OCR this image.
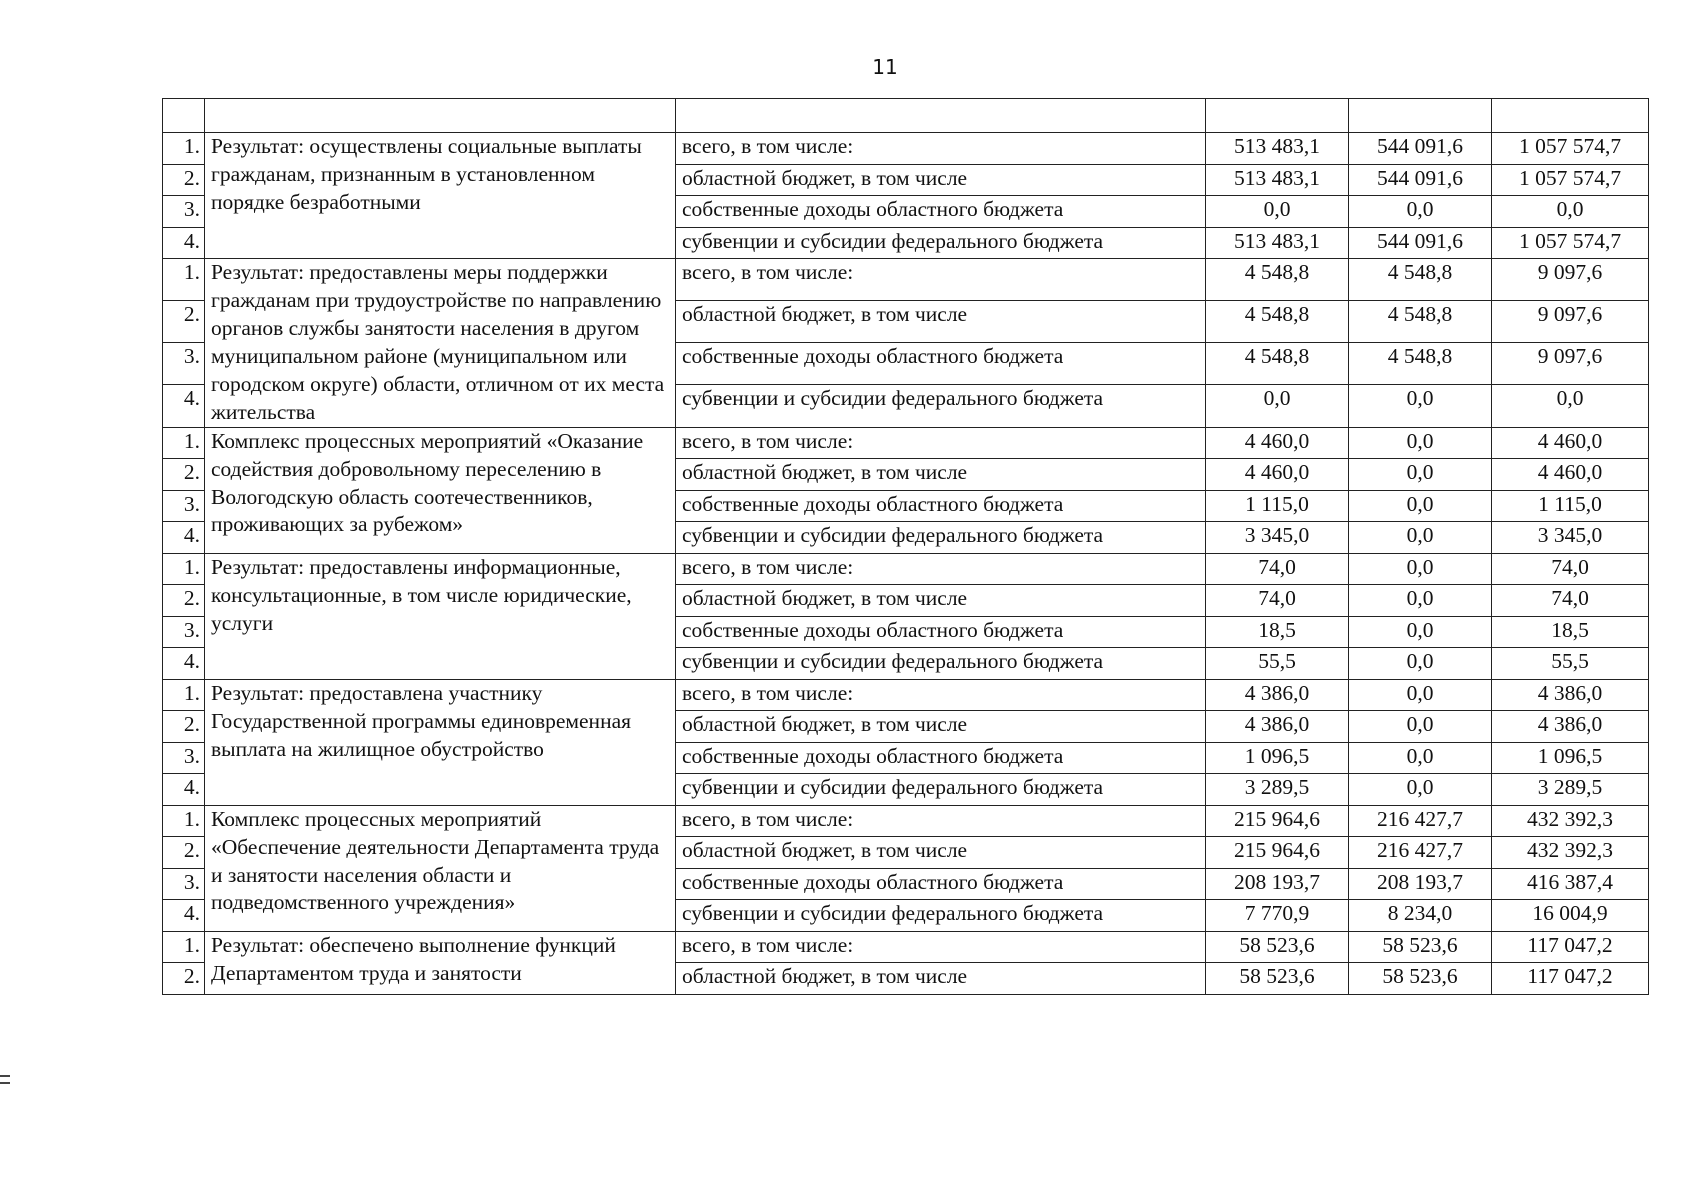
11

1.	Результат: осуществлены социальные выплаты гражданам, признанным в установленном порядке безработными	всего, в том числе:	513 483,1	544 091,6	1 057 574,7
2.		областной бюджет, в том числе	513 483,1	544 091,6	1 057 574,7
3.		собственные доходы областного бюджета	0,0	0,0	0,0
4.		субвенции и субсидии федерального бюджета	513 483,1	544 091,6	1 057 574,7
1.	Результат: предоставлены меры поддержки гражданам при трудоустройстве по направлению органов службы занятости населения в другом муниципальном районе (муниципальном или городском округе) области, отличном от их места жительства	всего, в том числе:	4 548,8	4 548,8	9 097,6
2.		областной бюджет, в том числе	4 548,8	4 548,8	9 097,6
3.		собственные доходы областного бюджета	4 548,8	4 548,8	9 097,6
4.		субвенции и субсидии федерального бюджета	0,0	0,0	0,0
1.	Комплекс процессных мероприятий «Оказание содействия добровольному переселению в Вологодскую область соотечественников, проживающих за рубежом»	всего, в том числе:	4 460,0	0,0	4 460,0
2.		областной бюджет, в том числе	4 460,0	0,0	4 460,0
3.		собственные доходы областного бюджета	1 115,0	0,0	1 115,0
4.		субвенции и субсидии федерального бюджета	3 345,0	0,0	3 345,0
1.	Результат: предоставлены информационные, консультационные, в том числе юридические, услуги	всего, в том числе:	74,0	0,0	74,0
2.		областной бюджет, в том числе	74,0	0,0	74,0
3.		собственные доходы областного бюджета	18,5	0,0	18,5
4.		субвенции и субсидии федерального бюджета	55,5	0,0	55,5
1.	Результат: предоставлена участнику Государственной программы единовременная выплата на жилищное обустройство	всего, в том числе:	4 386,0	0,0	4 386,0
2.		областной бюджет, в том числе	4 386,0	0,0	4 386,0
3.		собственные доходы областного бюджета	1 096,5	0,0	1 096,5
4.		субвенции и субсидии федерального бюджета	3 289,5	0,0	3 289,5
1.	Комплекс процессных мероприятий «Обеспечение деятельности Департамента труда и занятости населения области и подведомственного учреждения»	всего, в том числе:	215 964,6	216 427,7	432 392,3
2.		областной бюджет, в том числе	215 964,6	216 427,7	432 392,3
3.		собственные доходы областного бюджета	208 193,7	208 193,7	416 387,4
4.		субвенции и субсидии федерального бюджета	7 770,9	8 234,0	16 004,9
1.	Результат: обеспечено выполнение функций Департаментом труда и занятости	всего, в том числе:	58 523,6	58 523,6	117 047,2
2.		областной бюджет, в том числе	58 523,6	58 523,6	117 047,2
